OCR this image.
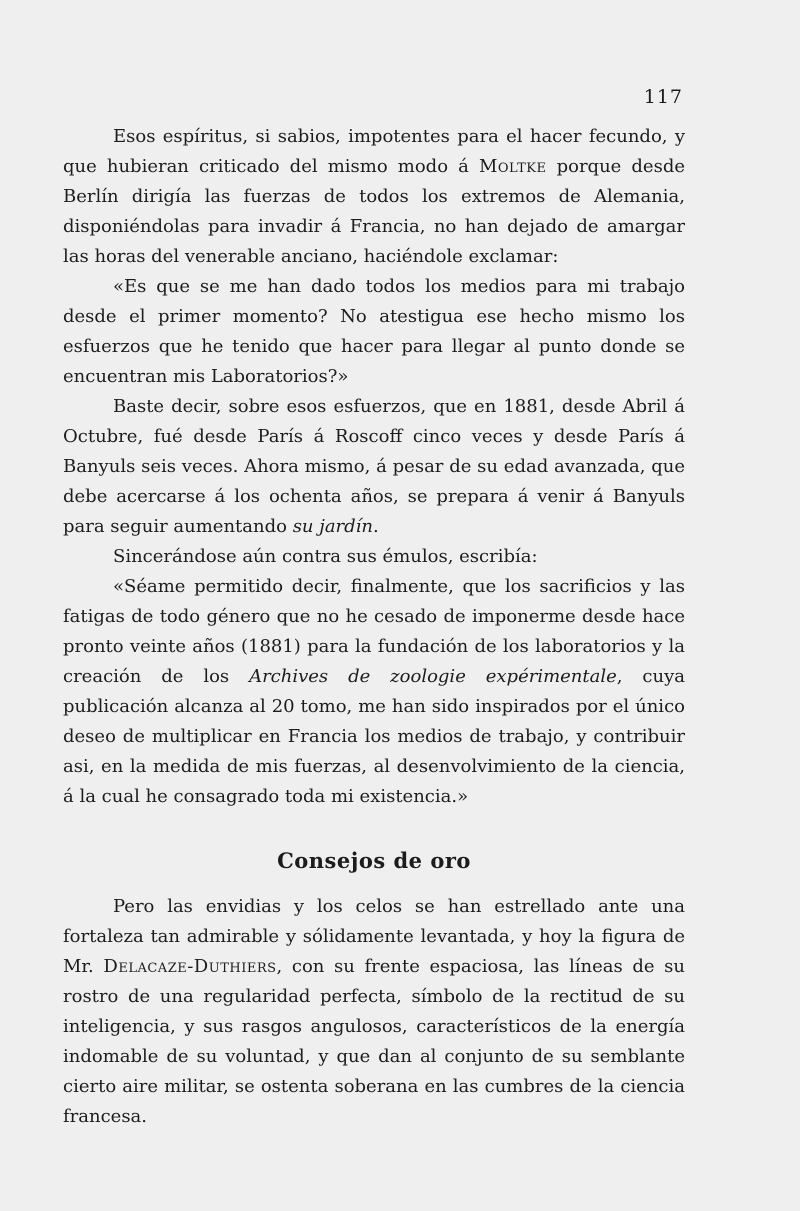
117

Esos espíritus, si sabios, impotentes para el hacer fecundo, y que hubieran criticado del mismo modo á Moltke porque desde Berlín dirigía las fuerzas de todos los extremos de Alemania, disponiéndolas para invadir á Francia, no han dejado de amargar las horas del venerable anciano, haciéndole exclamar:

«Es que se me han dado todos los medios para mi trabajo desde el primer momento? No atestigua ese hecho mismo los esfuerzos que he tenido que hacer para llegar al punto donde se encuentran mis Laboratorios?»

Baste decir, sobre esos esfuerzos, que en 1881, desde Abril á Octubre, fué desde París á Roscoff cinco veces y desde París á Banyuls seis veces. Ahora mismo, á pesar de su edad avanzada, que debe acercarse á los ochenta años, se prepara á venir á Banyuls para seguir aumentando su jardín.

Sincerándose aún contra sus émulos, escribía:

«Séame permitido decir, finalmente, que los sacrificios y las fatigas de todo género que no he cesado de imponerme desde hace pronto veinte años (1881) para la fundación de los laboratorios y la creación de los Archives de zoologie expérimentale, cuya publicación alcanza al 20 tomo, me han sido inspirados por el único deseo de multiplicar en Francia los medios de trabajo, y contribuir asi, en la medida de mis fuerzas, al desenvolvimiento de la ciencia, á la cual he consagrado toda mi existencia.»

Consejos de oro

Pero las envidias y los celos se han estrellado ante una fortaleza tan admirable y sólidamente levantada, y hoy la figura de Mr. Delacaze-Duthiers, con su frente espaciosa, las líneas de su rostro de una regularidad perfecta, símbolo de la rectitud de su inteligencia, y sus rasgos angulosos, característicos de la energía indomable de su voluntad, y que dan al conjunto de su semblante cierto aire militar, se ostenta soberana en las cumbres de la ciencia francesa.
